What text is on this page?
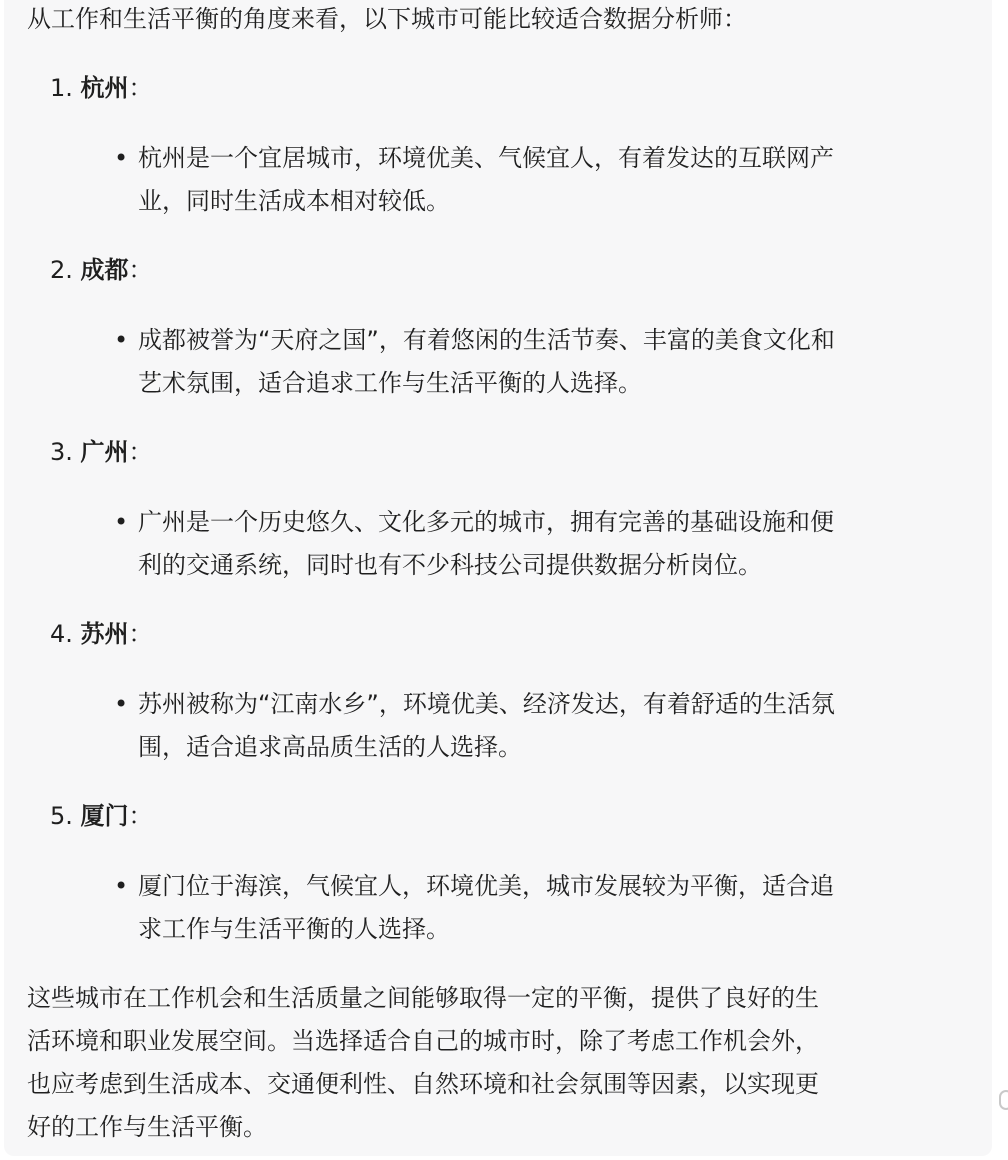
从工作和生活平衡的角度来看，以下城市可能比较适合数据分析师：
1. 杭州：
• 杭州是一个宜居城市，环境优美、气候宜人，有着发达的互联网产
业，同时生活成本相对较低。
2. 成都：
• 成都被誉为“天府之国”，有着悠闲的生活节奏、丰富的美食文化和
艺术氛围，适合追求工作与生活平衡的人选择。
3. 广州：
• 广州是一个历史悠久、文化多元的城市，拥有完善的基础设施和便
利的交通系统，同时也有不少科技公司提供数据分析岗位。
4. 苏州：
• 苏州被称为“江南水乡”，环境优美、经济发达，有着舒适的生活氛
围，适合追求高品质生活的人选择。
5. 厦门：
• 厦门位于海滨，气候宜人，环境优美，城市发展较为平衡，适合追
求工作与生活平衡的人选择。
这些城市在工作机会和生活质量之间能够取得一定的平衡，提供了良好的生
活环境和职业发展空间。当选择适合自己的城市时，除了考虑工作机会外，
也应考虑到生活成本、交通便利性、自然环境和社会氛围等因素，以实现更
好的工作与生活平衡。
